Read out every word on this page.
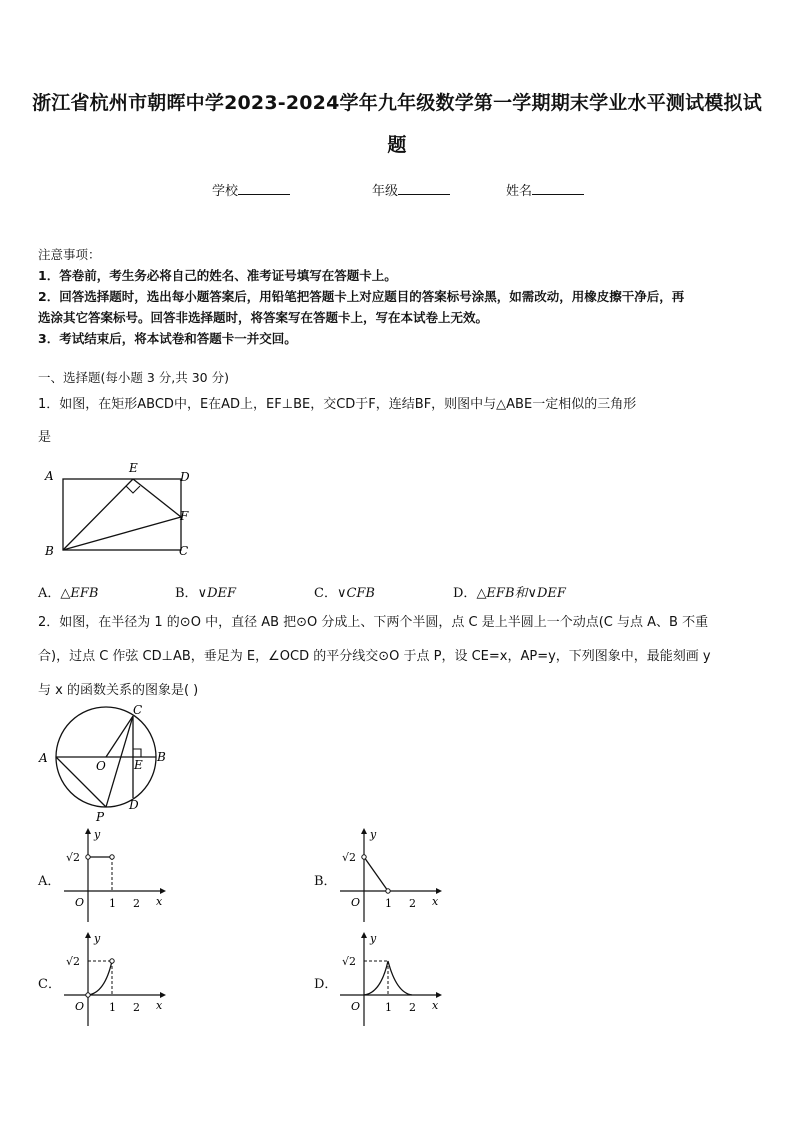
浙江省杭州市朝晖中学2023-2024学年九年级数学第一学期期末学业水平测试模拟试
题
学校	年级	姓名
注意事项：
1．答卷前，考生务必将自己的姓名、准考证号填写在答题卡上。
2．回答选择题时，选出每小题答案后，用铅笔把答题卡上对应题目的答案标号涂黑，如需改动，用橡皮擦干净后，再
选涂其它答案标号。回答非选择题时，将答案写在答题卡上，写在本试卷上无效。
3．考试结束后，将本试卷和答题卡一并交回。
一、选择题(每小题 3 分,共 30 分)
1．如图，在矩形ABCD中，E在AD上，EF⊥BE，交CD于F，连结BF，则图中与△ABE一定相似的三角形
是
A
E
D
F
B	C
A．△EFB	B．∨DEF	C．∨CFB	D．△EFB和∨DEF
2．如图，在半径为 1 的⊙O 中，直径 AB 把⊙O 分成上、下两个半圆，点 C 是上半圆上一个动点(C 与点 A、B 不重
合)，过点 C 作弦 CD⊥AB，垂足为 E，∠OCD 的平分线交⊙O 于点 P，设 CE=x，AP=y，下列图象中，最能刻画 y
与 x 的函数关系的图象是( )
A
O
C
B
E
D
P
A．	B．
C．	D．
y
x
O 1 2
√2
y
x
O 1 2
√2
y
x
O 1 2
√2
y
x
O 1 2
√2
